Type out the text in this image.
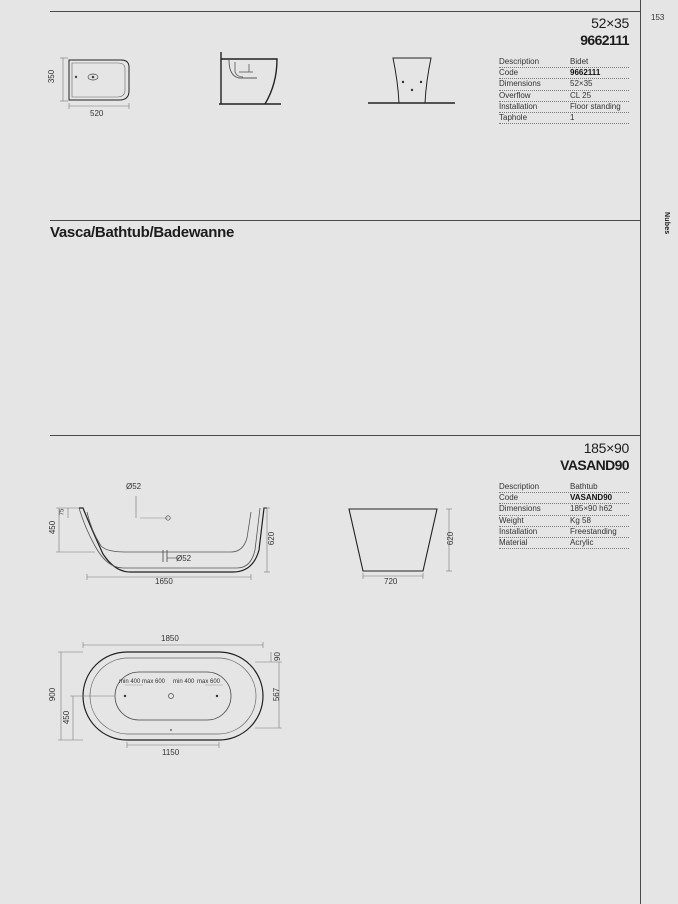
153
Nubes
52×35
9662111
Description	Bidet
Code	9662111
Dimensions	52×35
Overflow	CL 25
Installation	Floor standing
Taphole	1
350
520
Vasca/Bathtub/Badewanne
185×90
VASAND90
Description	Bathtub
Code	VASAND90
Dimensions	185×90 h62
Weight	Kg 58
Installation	Freestanding
Material	Acrylic
Ø52
Ø52
450
75
620
1650
620
720
1850
90
900
450
567
1150
min 400 max 600 min 400 max 600
